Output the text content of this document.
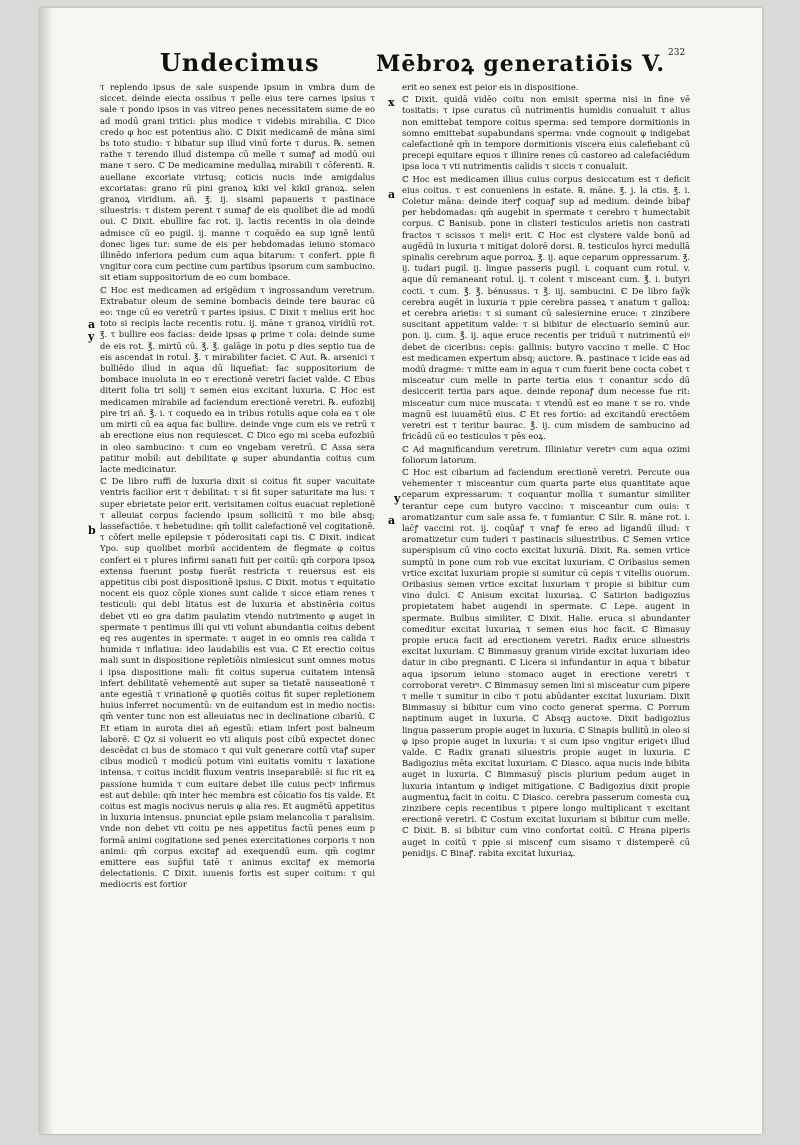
Undecimus	Mēbroꝝ generatiōis V. 232
a
y
b
x
a
y
a

τ replendo ipsus de sale suspende ipsum in vmbra dum de siccet. deinde eiecta ossibus τ pelle eius tere carnes ipsius τ sale τ pondo ipsos in vas vitreo penes necessitatem sume de eo ad modū grani tritici: plus modice τ videbis mirabilia. ℂ Dico credo φ hoc est potentius alio. ℂ Dixit medicamē de māna simi bs toto studio: τ bibatur sup illud vinū forte τ durus. ℞. semen rathe τ terendo illud distempa cū melle τ sumaꝭ ad modū oui mane τ sero. ℂ De medicamine medullaꝝ mirabili τ cōferenti. ℞. auellane excoriate virtusq; coticis nucis inde amigdalus excoriatas: grano rū pini granoꝝ kiki vel kikil granoꝝ. selen granoꝝ viridium. añ. ℥. ij. sisami papaueris τ pastinace siluestris: τ distem perent τ sumaꝭ de eis quolibet die ad modū oui. ℂ Dixit. ebullire fac rot. ij. lactis recentis in ola deinde admisce cū eo pugil. ij. manne τ coquēdo ea sup ignē lentū donec liges tur: sume de eis per hebdomadas ieiuno stomaco illinēdo inferiora pedum cum aqua bitarum: τ confert. ppie fi vngitur cora cum pectine cum partibus ipsorum cum sambucino. sit etiam suppositorium de eo cum bombace.

ℂ Hoc est medicamen ad erigēdum τ ingrossandum veretrum. Extrabatur oleum de semine bombacis deinde tere baurac cū eo: τnge cū eo veretrū τ partes ipsius. ℂ Dixit τ melius erit hoc toto si recipis lacte recentis rotu. ij. māne τ granoꝝ viridiū rot. ℥. τ bullire eos facias: deide ipsas φ prime τ cola: deinde sume de eis rot. ℥. mirtū cū. ℥. ℥. galāge in potu p dies septio tua de eis ascendat in rotul. ℥. τ mirabiliter faciet. ℂ Aut. ℞. arsenici τ bulliēdo illud in aqua dū liquefiat: fac suppositorium de bombace inuoluta in eo τ erectionē veretri faciet valde. ℂ Ebus diterit folia tri solij τ semen eius excitant luxuria. ℂ Hoc est medicamen mirabile ad faciendum erectionē veretri. ℞. eufozbij pire tri añ. ℥. i. τ coquedo ea in tribus rotulis aque cola ea τ ole um mirti cū ea aqua fac bullire. deinde vnge cum eis ve retrū τ ab erectione eius non requiescet. ℂ Dico ego mi sceba eufozbiū in oleo sambucino: τ cum eo vngebam veretrū. ℂ Assa sera patitur moḃil: aut debilitate φ super abundantia coitus cum lacte medicinatur.

ℂ De libro ruffi de luxuria dixit si coitus fit super vacuitate ventris facilior erit τ debilitat: τ si fit super saturitate ma lus: τ super ebrietate peior erit. verisitamen coitus euacuat repletionē τ alleuiat corpus faciendo ipsum sollicitū τ mo bile absq; lassefactiōe. τ hebetudine: qm̄ tollit calefactionē vel cogitationē. τ cōfert melle epilepsie τ pōderositati capi tis. ℂ Dixit. indicat Ypo. sup quolibet morbū accidentem de flegmate φ coitus confert ei τ plures infirmi sanati fuit per coitū: qm̄ corpora ipsoꝝ extensa fuerunt postφ fuerāt restricta τ reuersus est eis appetitus cibi post dispositionē ipsius. ℂ Dixit. motus τ equitatio nocent eis quoz cōple xiones sunt calide τ sicce etiam renes τ testiculi: qui debi litatus est de luxuria et abstinēria coitus debet vti eo gra datim paulatim vtendo nutrimento φ auget in spermate τ pentimus illi qui vti volunt abundantia coitus debent eq res augentes in spermate: τ auget in eo omnis rea calida τ humida τ inflatiua: ideo laudabilis est vua. ℂ Et erectio coitus mali sunt in dispositione repletiōis nimiesicut sunt omnes motus i ipsa dispositione mali: fit coitus superua cuitatem intensā infert debilitatē vehementē aut super sa tietatē nauseationē τ ante egestiā τ vrinationē φ quotiēs coitus fit super repletionem huius inferret nocumentū: vn de euitandum est in medio noctis: qm̄ venter tunc non est alleuiatus nec in declinatione cibariū. ℂ Et etiam in aurota diei añ egestū: etiam infert post balneum laborē. ℂ Qz si voluerit eo vti aliquis post cibū expectet donec descēdat ci bus de stomaco τ qui vult generare coitū vtaꝭ super cibus modicū τ modicū potum vini euitatis vomitu τ laxatione intensa. τ coitus incidit fluxum ventris inseparabilē: si fuc rit eꝝ passione humida τ cum euitare debet ille cuius pectꝰ infirmus est aut debile: qm̄ inter hec membra est cōicatio fos tis valde. Et coitus est magis nocivus neruis φ alia res. Et augmētū appetitus in luxuria intensus. pnunciat epile psiam melancolia τ paralisim. vnde non debet vti coitu pe nes appetitus factū penes eum p formā animi cogitatione sed penes exercitationes corporis τ non animi: qm̄ corpus excitaꝭ ad exequendū eum. qm̄ cogimr emittere eas sup̄fui tatē τ animus excitaꝭ ex memoria delectationis. ℂ Dixit. iuuenis fortis est super coitum: τ qui mediocris est fortior

erit eo senex est peior eis in dispositione.

ℂ Dixit. quidā vidēo coitu non emisit sperma nisi in fine vē tositatis: τ ipse curatus cū nutrimentis humidis conualuit τ alius non emittebat tempore coitus sperma: sed tempore dormitionis in somno emittebat supabundans sperma: vnde cognouit φ indigebat calefactionē qm̄ in tempore dormitionis viscera eius calefiebant cū precepi equitare equos τ illinire renes cū castoreo ad calefaciēdum ipsa loca τ vti nutrimentis calidis τ siccis τ conualuit.

ℂ Hoc est medicamen illius cuius corpus desiccatum est τ deficit eius coitus. τ est conueniens in estate. ℞. māne. ℥. j. la ctis. ℥. i. Coletur māna: deinde iterꝭ coquaꝭ sup ad medium. deinde bibaꝭ per hebdomadas: qm̄ augebit in spermate τ cerebro τ humectabit corpus. ℂ Banisub. pone in clisteri testiculos arietis non castrati fractos τ scissos τ meliꝰ erit. ℂ Hoc est clystere valde bonū ad augēdū in luxuria τ mitigat dolorē dorsi. ℞. testiculos hyrci medullā spinalis cerebrum aque porroꝝ. ℥. ij. aque ceparum oppressarum. ℥. ij. tudari pugil. ij. lingue passeris pugil. i. coquant cum rotul. v. aque dū remaneant rotul. ij. τ colent τ misceant cum. ℥. i. butyri cocti. τ cum. ℥. ℥. bénussus. τ ℥. iij. sambucini. ℂ De libro faȳk cerebra augēt in luxuria τ ppie cerebra passeꝝ τ anatum τ galloꝝ: et cerebra arietis: τ si sumant cū salesiernine eruce: τ zinzibere suscitant appetitum valde: τ si bibitur de electuario seminū aur. pon. ij. cum. ℥. ij. aque eruce recentis per triduū τ nutrimentū eiꝰ debet de ciceribus: cepis: gallinis: butyro vaccino τ melle. ℂ Hoc est medicamen expertum absq; auctore. ℞. pastinace τ icide eas ad modū dragme: τ mitte eam in aqua τ cum fuerit bene cocta cobet τ misceatur cum melle in parte tertia eius τ conantur scd̄o dū desiccerit tertia pars aque. deinde reponaꝭ dum necesse fue rit: misceatur cum nuce muscata: τ vtendū est eo mane τ se ro. vnde magnū est iuuamētū eius. ℂ Et res fortio: ad excitandū erectōem veretri est τ teritur baurac. ℥. ij. cum misdem de sambucino ad fricādū cū eo testiculos τ pēs eoꝝ.

ℂ Ad magnificandum veretrum. Illiniatur veretrꝰ cum aqua ozimi foliorum latorum.

ℂ Hoc est cibarium ad faciendum erectionē veretri. Percute oua vehementer τ misceantur cum quarta parte eius quantitate aque ceparum expressarum: τ coquantur mollia τ sumantur similiter terantur cepe cum butyro vaccino: τ misceantur cum ouis: τ aromatizantur cum sale assa fe. τ fumiantur. ℂ Silr. ℞. māne rot. i. lac̄ꝭ vaccini rot. ij. coqūaꝭ τ vnaꝭ fe ereo ad ligandū illud: τ aromatizetur cum tuderi τ pastinacis siluestribus. ℂ Semen vrtice superspisum cū vino cocto excitat luxuriā. Dixit. Ra. semen vrtice sumptū in pone cum rob vue excitat luxuriam. ℂ Oribasius semen vrtice excitat luxuriam propie si sumitur cū cepis τ vitellis ouorum. Oribasius semen vrtice excitat luxuriam τ propie si bibitur cum vino dulci. ℂ Anisum excitat luxuriaꝝ. ℂ Satirion badigozius propietatem habet augendi in spermate. ℂ Lepe. augent in spermate. Bulbus similiter. ℂ Dixit. Halie. eruca si abundanter comeditur excitat luxuriaꝝ τ semen eius hoc facit. ℂ Bimasuy propie eruca facit ad erectionem veretri. Radix eruce siluestris excitat luxuriam. ℂ Bimmasuy granum viride excitat luxuriam ideo datur in cibo pregnanti. ℂ Licera si infundantur in aqua τ bibatur aqua ipsorum ieiuno stomaco auget in erectione veretri τ corroborat veretrꝰ. ℂ Bimmasuy semen lini si misceatur cum pipere τ melle τ sumitur in cibo τ potu abūdanter excitat luxuriam. Dixit Bimmasuy si bibitur cum vino cocto generat sperma. ℂ Porrum naptinum auget in luxuria. ℂ Absqꝫ auctoꝛe. Dixit badigozius lingua passerum propie auget in luxuria. ℂ Sinapis bullitū in oleo si φ ipso propie auget in luxuria: τ si cum ipso vngitur erigetꝛ illud valde. ℂ Radix granati siluestris propie auget in luxuria. ℂ Badigozius mēta excitat luxuriam. ℂ Diasco. aqua nucis inde bibita auget in luxuria. ℂ Bimmasuȳ piscis plurium pedum auget in luxuria intantum φ indiget mitigatione. ℂ Badigozius dixit propie augmentuꝝ facit in coitu. ℂ Diasco. cerebra passerum comesta cuꝝ zinzibere cepis recentibus τ pipere longo multiplicant τ excitant erectionē veretri. ℂ Costum excitat luxuriam si bibitur cum melle. ℂ Dixit. B. si bibitur cum vino confortat coitū. ℂ Hrana piperis auget in coitū τ ppie si miscenꝭ cum sisamo τ distemperē cū penidijs. ℂ Binaꝭ. rabita excitat luxuriaꝝ.
